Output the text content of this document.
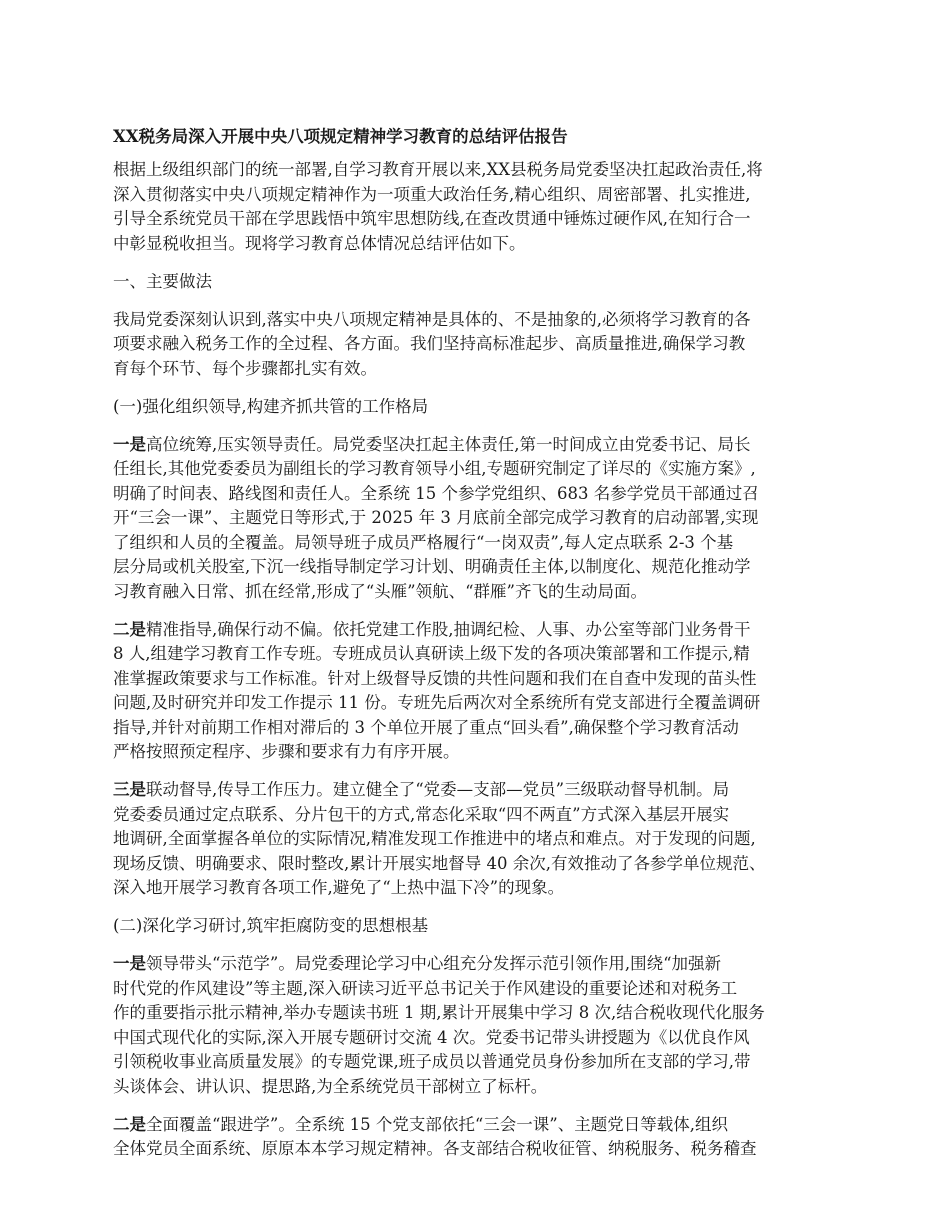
XX税务局深入开展中央八项规定精神学习教育的总结评估报告
根据上级组织部门的统一部署,自学习教育开展以来,XX县税务局党委坚决扛起政治责任,将
深入贯彻落实中央八项规定精神作为一项重大政治任务,精心组织、周密部署、扎实推进,
引导全系统党员干部在学思践悟中筑牢思想防线,在查改贯通中锤炼过硬作风,在知行合一
中彰显税收担当。现将学习教育总体情况总结评估如下。
一、主要做法
我局党委深刻认识到,落实中央八项规定精神是具体的、不是抽象的,必须将学习教育的各
项要求融入税务工作的全过程、各方面。我们坚持高标准起步、高质量推进,确保学习教
育每个环节、每个步骤都扎实有效。
(一)强化组织领导,构建齐抓共管的工作格局
一是高位统筹,压实领导责任。局党委坚决扛起主体责任,第一时间成立由党委书记、局长
任组长,其他党委委员为副组长的学习教育领导小组,专题研究制定了详尽的《实施方案》,
明确了时间表、路线图和责任人。全系统 15 个参学党组织、683 名参学党员干部通过召
开“三会一课”、主题党日等形式,于 2025 年 3 月底前全部完成学习教育的启动部署,实现
了组织和人员的全覆盖。局领导班子成员严格履行“一岗双责”,每人定点联系 2-3 个基
层分局或机关股室,下沉一线指导制定学习计划、明确责任主体,以制度化、规范化推动学
习教育融入日常、抓在经常,形成了“头雁”领航、“群雁”齐飞的生动局面。
二是精准指导,确保行动不偏。依托党建工作股,抽调纪检、人事、办公室等部门业务骨干
8 人,组建学习教育工作专班。专班成员认真研读上级下发的各项决策部署和工作提示,精
准掌握政策要求与工作标准。针对上级督导反馈的共性问题和我们在自查中发现的苗头性
问题,及时研究并印发工作提示 11 份。专班先后两次对全系统所有党支部进行全覆盖调研
指导,并针对前期工作相对滞后的 3 个单位开展了重点“回头看”,确保整个学习教育活动
严格按照预定程序、步骤和要求有力有序开展。
三是联动督导,传导工作压力。建立健全了“党委—支部—党员”三级联动督导机制。局
党委委员通过定点联系、分片包干的方式,常态化采取“四不两直”方式深入基层开展实
地调研,全面掌握各单位的实际情况,精准发现工作推进中的堵点和难点。对于发现的问题,
现场反馈、明确要求、限时整改,累计开展实地督导 40 余次,有效推动了各参学单位规范、
深入地开展学习教育各项工作,避免了“上热中温下冷”的现象。
(二)深化学习研讨,筑牢拒腐防变的思想根基
一是领导带头“示范学”。局党委理论学习中心组充分发挥示范引领作用,围绕“加强新
时代党的作风建设”等主题,深入研读习近平总书记关于作风建设的重要论述和对税务工
作的重要指示批示精神,举办专题读书班 1 期,累计开展集中学习 8 次,结合税收现代化服务
中国式现代化的实际,深入开展专题研讨交流 4 次。党委书记带头讲授题为《以优良作风
引领税收事业高质量发展》的专题党课,班子成员以普通党员身份参加所在支部的学习,带
头谈体会、讲认识、提思路,为全系统党员干部树立了标杆。
二是全面覆盖“跟进学”。全系统 15 个党支部依托“三会一课”、主题党日等载体,组织
全体党员全面系统、原原本本学习规定精神。各支部结合税收征管、纳税服务、税务稽查
